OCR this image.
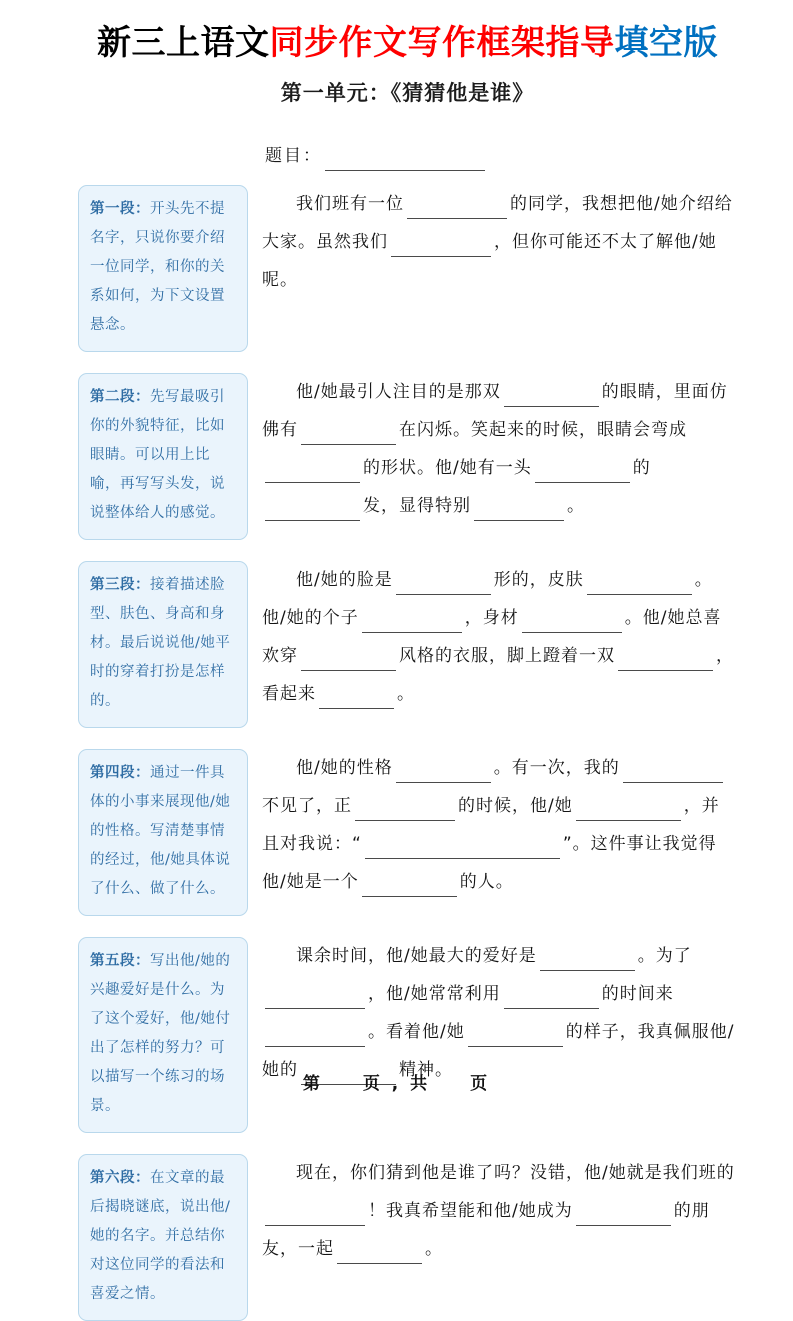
新三上语文同步作文写作框架指导填空版
第一单元：《猜猜他是谁》
题目：
第一段：开头先不提名字，只说你要介绍一位同学，和你的关系如何，为下文设置悬念。
我们班有一位	的同学，我想把他/她介绍给大家。虽然我们	，但你可能还不太了解他/她呢。
第二段：先写最吸引你的外貌特征，比如眼睛。可以用上比喻，再写写头发，说说整体给人的感觉。
他/她最引人注目的是那双	的眼睛，里面仿佛有	在闪烁。笑起来的时候，眼睛会弯成的形状。他/她有一头	的发，显得特别	。
第三段：接着描述脸型、肤色、身高和身材。最后说说他/她平时的穿着打扮是怎样的。
他/她的脸是	形的，皮肤	。他/她的个子	，身材	。他/她总喜欢穿	风格的衣服，脚上蹬着一双	，看起来	。
第四段：通过一件具体的小事来展现他/她的性格。写清楚事情的经过，他/她具体说了什么、做了什么。
他/她的性格	。有一次，我的不见了，正	的时候，他/她	，并且对我说：“	”。这件事让我觉得他/她是一个	的人。
第五段：写出他/她的兴趣爱好是什么。为了这个爱好，他/她付出了怎样的努力？可以描写一个练习的场景。
课余时间，他/她最大的爱好是	。为了，他/她常常利用	的时间来。看着他/她	的样子，我真佩服他/她的	精神。
第六段：在文章的最后揭晓谜底，说出他/她的名字。并总结你对这位同学的看法和喜爱之情。
现在，你们猜到他是谁了吗？没错，他/她就是我们班的！我真希望能和他/她成为	的朋友，一起	。
第　　页 , 共　　页
